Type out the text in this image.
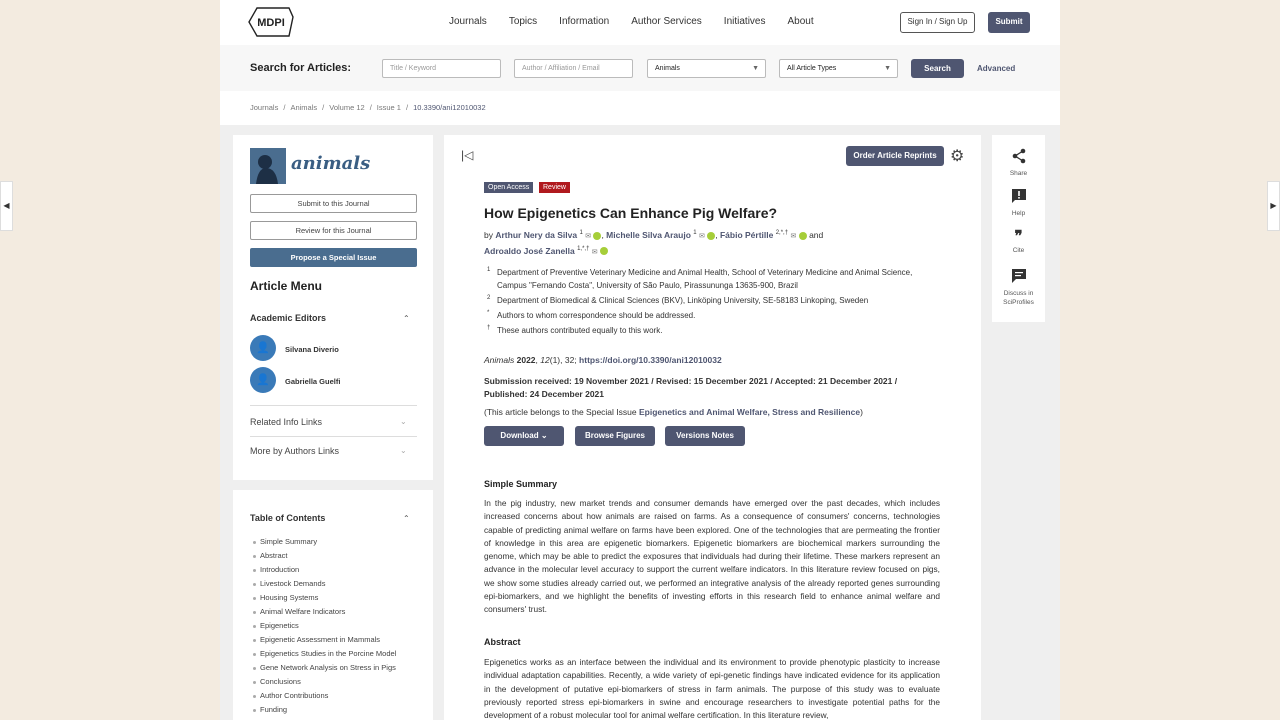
◀	▶
MDPI	Journals Topics Information Author Services Initiatives About	Sign In / Sign Up	Submit
Search for Articles:	Title / Keyword	Author / Affiliation / Email	Animals	▼	All Article Types	▼	Search	Advanced
Journals / Animals / Volume 12 / Issue 1 / 10.3390/ani12010032
animals
Submit to this Journal
Review for this Journal
Propose a Special Issue
Article Menu
Academic Editors	⌃
👤	Silvana Diverio
👤	Gabriella Guelfi
Related Info Links	⌄
More by Authors Links	⌄
Table of Contents	⌃
Simple Summary
Abstract
Introduction
Livestock Demands
Housing Systems
Animal Welfare Indicators
Epigenetics
Epigenetic Assessment in Mammals
Epigenetics Studies in the Porcine Model
Gene Network Analysis on Stress in Pigs
Conclusions
Author Contributions
Funding
|◁	Order Article Reprints ⚙
Open Access	Review
How Epigenetics Can Enhance Pig Welfare?
by Arthur Nery da Silva $^1$ ✉ , Michelle Silva Araujo $^1$ ✉ , Fábio Pértille $^{2,*,\dagger}$ ✉ and
Adroaldo José Zanella $^{1,*,\dagger}$ ✉
1 Department of Preventive Veterinary Medicine and Animal Health, School of Veterinary Medicine and Animal Science, Campus "Fernando Costa", University of São Paulo, Pirassununga 13635-900, Brazil
2 Department of Biomedical & Clinical Sciences (BKV), Linköping University, SE-58183 Linkoping, Sweden
* Authors to whom correspondence should be addressed.
† These authors contributed equally to this work.
Animals 2022, 12(1), 32; https://doi.org/10.3390/ani12010032
Submission received: 19 November 2021 / Revised: 15 December 2021 / Accepted: 21 December 2021 / Published: 24 December 2021
(This article belongs to the Special Issue Epigenetics and Animal Welfare, Stress and Resilience)
Download ⌄	Browse Figures	Versions Notes
Simple Summary
In the pig industry, new market trends and consumer demands have emerged over the past decades, which includes increased concerns about how animals are raised on farms. As a consequence of consumers' concerns, technologies capable of predicting animal welfare on farms have been explored. One of the technologies that are permeating the frontier of knowledge in this area are epigenetic biomarkers. Epigenetic biomarkers are biochemical markers surrounding the genome, which may be able to predict the exposures that individuals had during their lifetime. These markers represent an advance in the molecular level accuracy to support the current welfare indicators. In this literature review focused on pigs, we show some studies already carried out, we performed an integrative analysis of the already reported genes surrounding epi-biomarkers, and we highlight the benefits of investing efforts in this research field to enhance animal welfare and consumers' trust.
Abstract
Epigenetics works as an interface between the individual and its environment to provide phenotypic plasticity to increase individual adaptation capabilities. Recently, a wide variety of epi-genetic findings have indicated evidence for its application in the development of putative epi-biomarkers of stress in farm animals. The purpose of this study was to evaluate previously reported stress epi-biomarkers in swine and encourage researchers to investigate potential paths for the development of a robust molecular tool for animal welfare certification. In this literature review,
Share
Help
❞
Cite
Discuss in SciProfiles
